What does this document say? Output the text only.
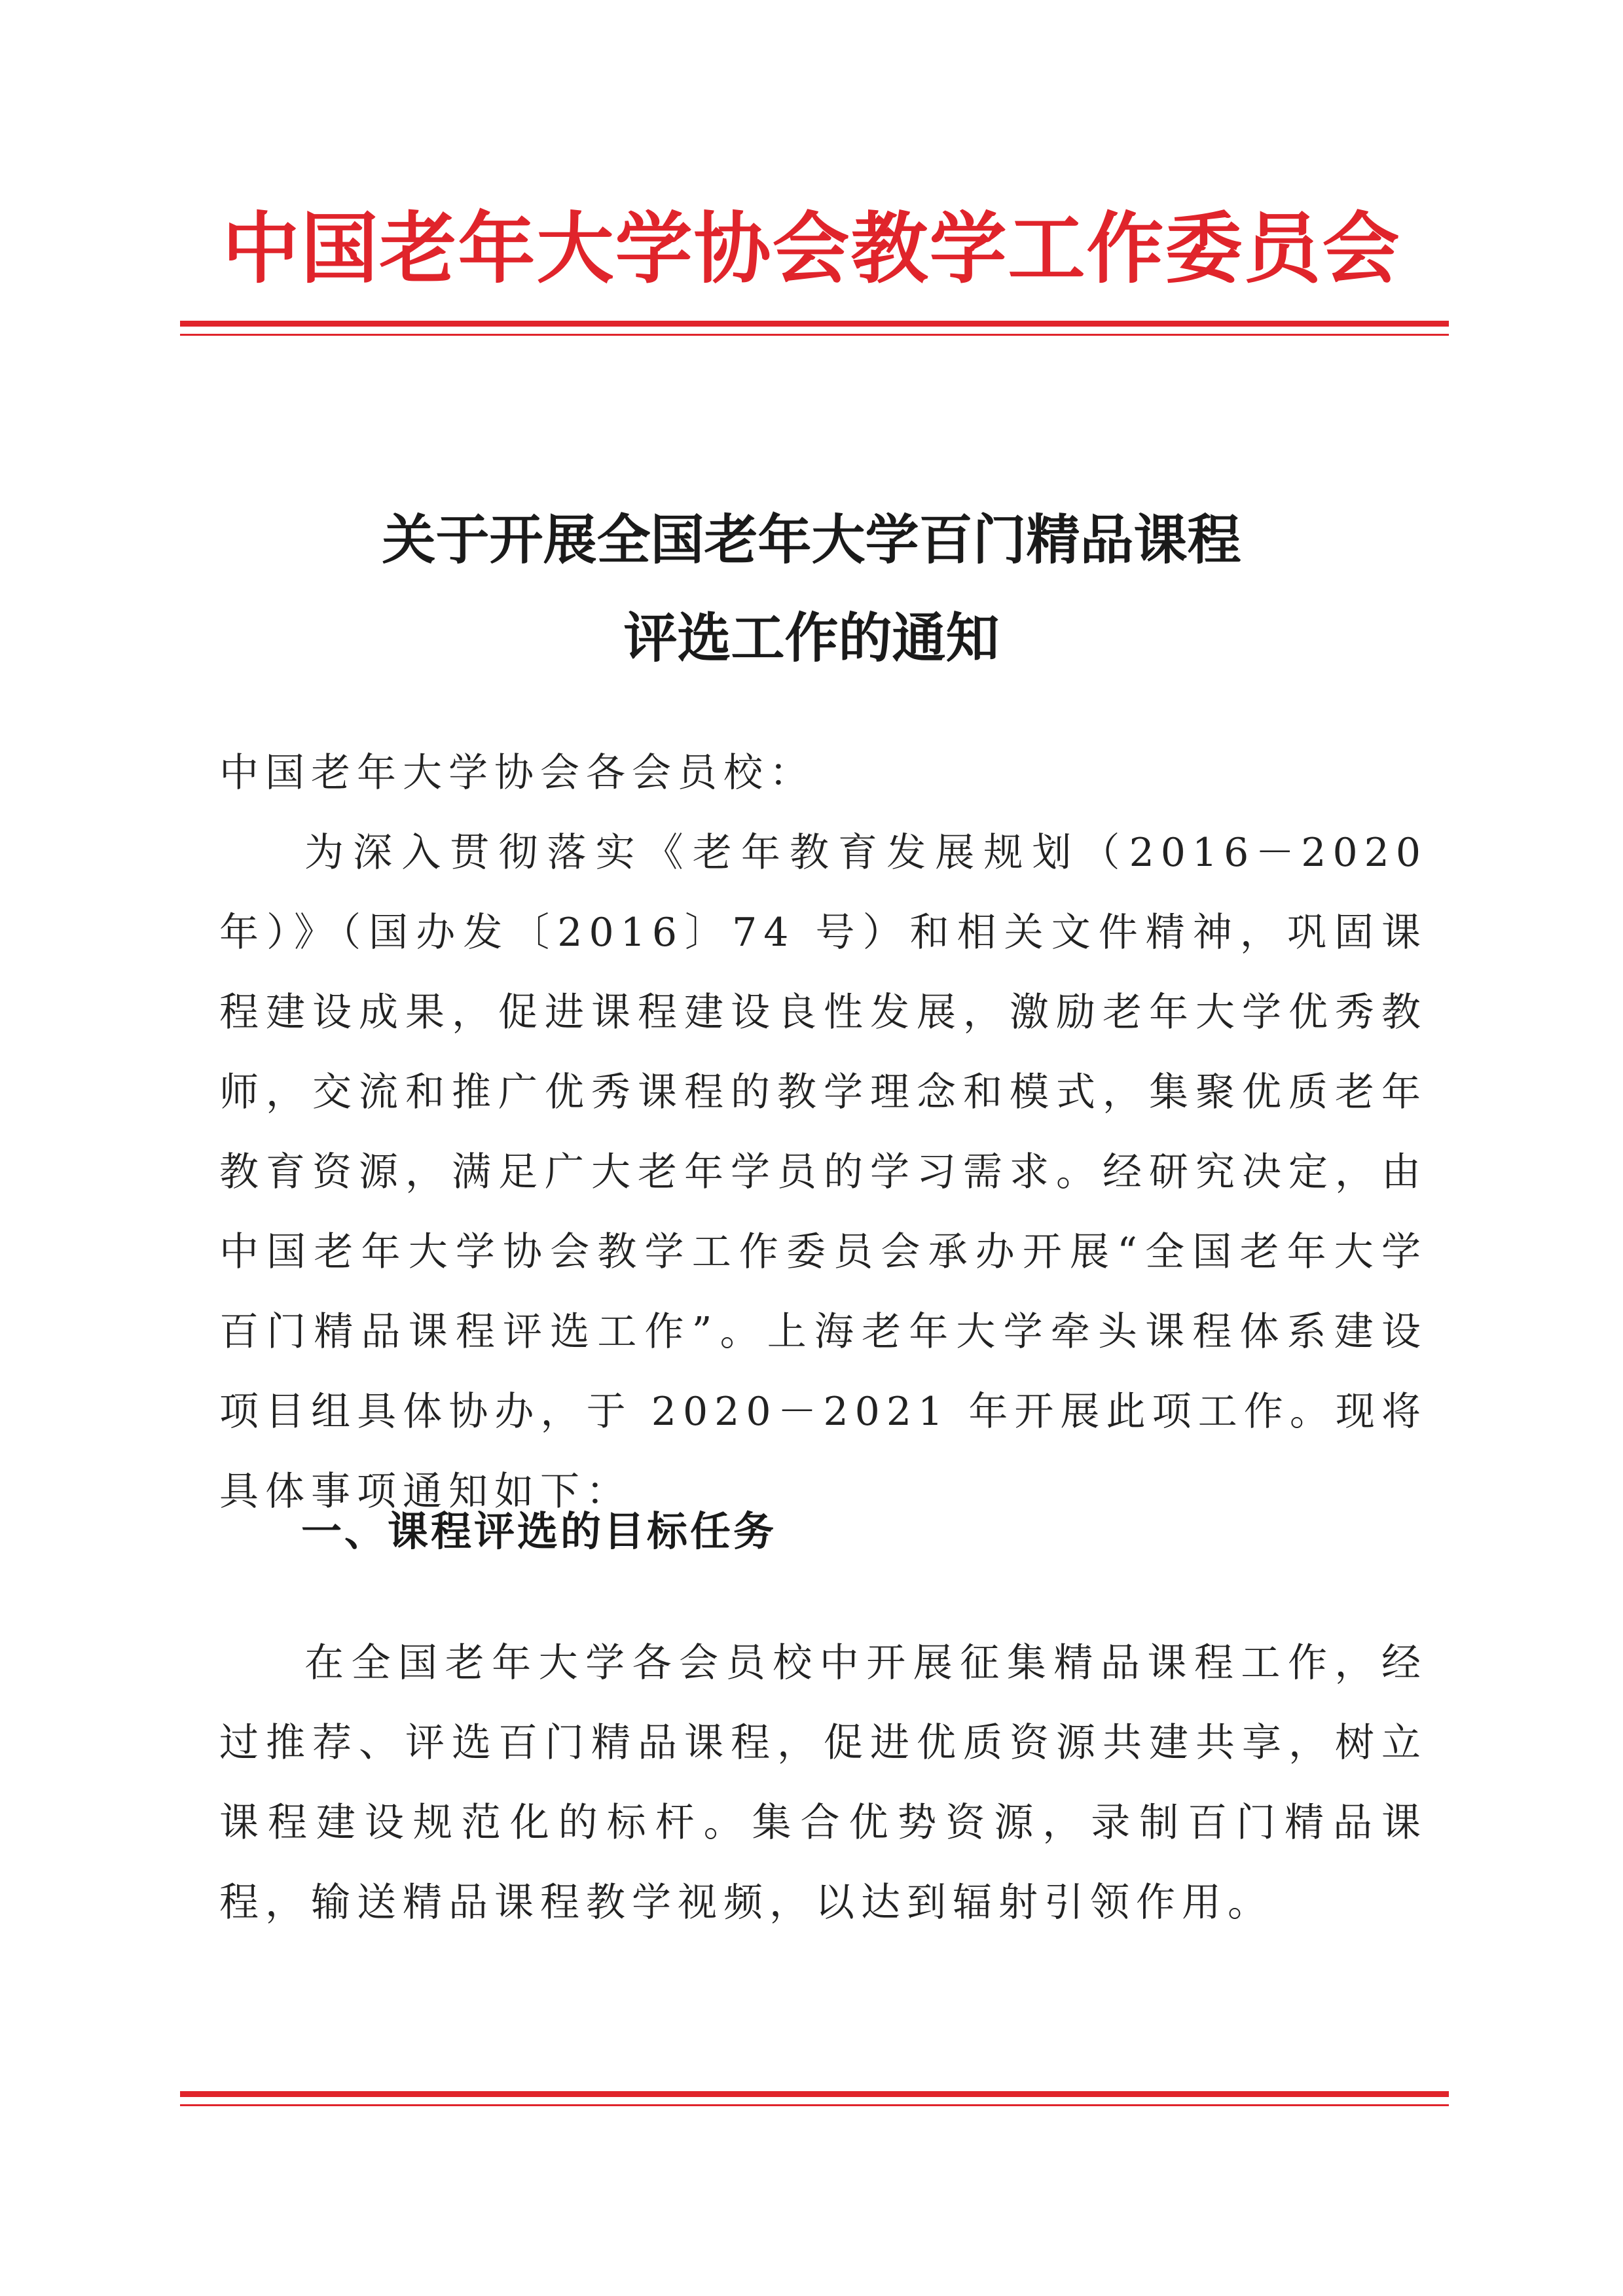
中国老年大学协会教学工作委员会
关于开展全国老年大学百门精品课程
评选工作的通知
中国老年大学协会各会员校：
为深入贯彻落实《老年教育发展规划（2016－2020 年）》（国办发〔2016〕74 号）和相关文件精神，巩固课程建设成果，促进课程建设良性发展，激励老年大学优秀教师，交流和推广优秀课程的教学理念和模式，集聚优质老年教育资源，满足广大老年学员的学习需求。经研究决定，由中国老年大学协会教学工作委员会承办开展“全国老年大学百门精品课程评选工作”。上海老年大学牵头课程体系建设项目组具体协办，于 2020－2021 年开展此项工作。现将具体事项通知如下：
一、课程评选的目标任务
在全国老年大学各会员校中开展征集精品课程工作，经过推荐、评选百门精品课程，促进优质资源共建共享，树立课程建设规范化的标杆。集合优势资源，录制百门精品课程，输送精品课程教学视频，以达到辐射引领作用。
